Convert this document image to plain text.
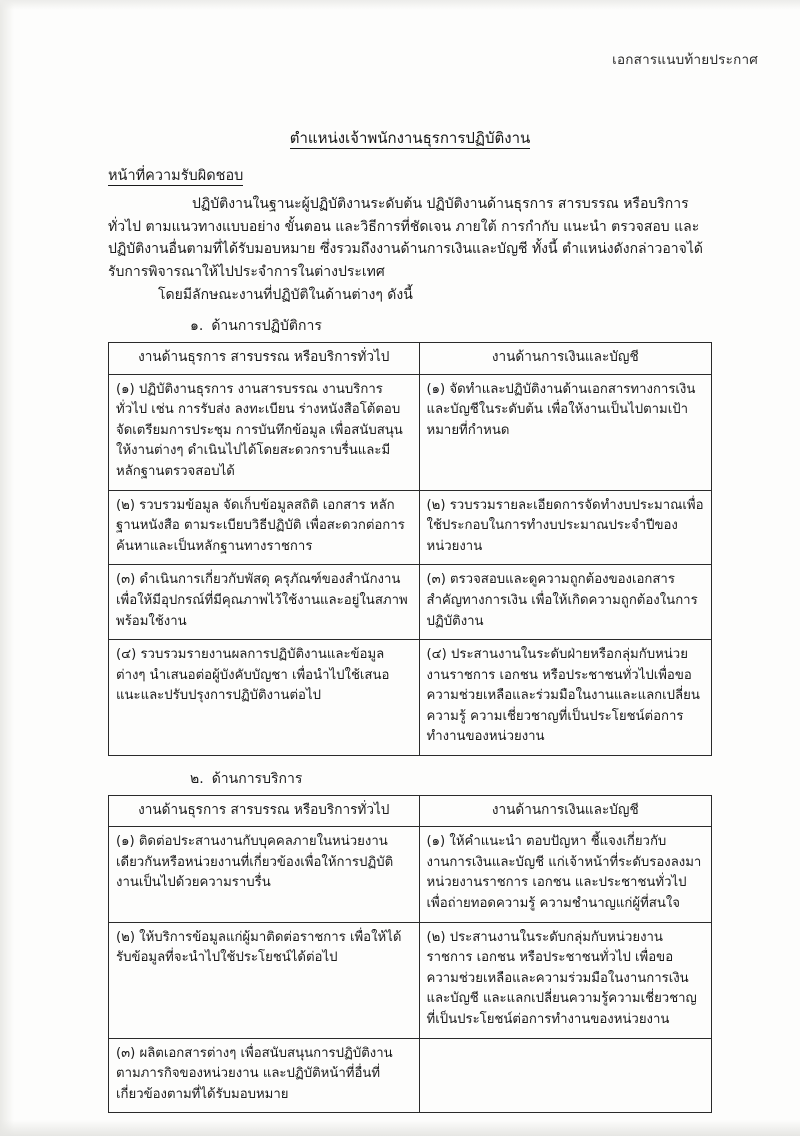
เอกสารแนบท้ายประกาศ
ตำแหน่งเจ้าพนักงานธุรการปฏิบัติงาน
หน้าที่ความรับผิดชอบ

ปฏิบัติงานในฐานะผู้ปฏิบัติงานระดับต้น ปฏิบัติงานด้านธุรการ สารบรรณ หรือบริการทั่วไป ตามแนวทางแบบอย่าง ขั้นตอน และวิธีการที่ชัดเจน ภายใต้ การกำกับ แนะนำ ตรวจสอบ และปฏิบัติงานอื่นตามที่ได้รับมอบหมาย ซึ่งรวมถึงงานด้านการเงินและบัญชี ทั้งนี้ ตำแหน่งดังกล่าวอาจได้รับการพิจารณาให้ไปประจำการในต่างประเทศ

โดยมีลักษณะงานที่ปฏิบัติในด้านต่างๆ ดังนี้

๑. ด้านการปฏิบัติการ
งานด้านธุรการ สารบรรณ หรือบริการทั่วไป	งานด้านการเงินและบัญชี
(๑) ปฏิบัติงานธุรการ งานสารบรรณ งานบริการทั่วไป เช่น การรับส่ง ลงทะเบียน ร่างหนังสือโต้ตอบ จัดเตรียมการประชุม การบันทึกข้อมูล เพื่อสนับสนุนให้งานต่างๆ ดำเนินไปได้โดยสะดวกราบรื่นและมีหลักฐานตรวจสอบได้	(๑) จัดทำและปฏิบัติงานด้านเอกสารทางการเงินและบัญชีในระดับต้น เพื่อให้งานเป็นไปตามเป้าหมายที่กำหนด
(๒) รวบรวมข้อมูล จัดเก็บข้อมูลสถิติ เอกสาร หลักฐานหนังสือ ตามระเบียบวิธีปฏิบัติ เพื่อสะดวกต่อการค้นหาและเป็นหลักฐานทางราชการ	(๒) รวบรวมรายละเอียดการจัดทำงบประมาณเพื่อใช้ประกอบในการทำงบประมาณประจำปีของหน่วยงาน
(๓) ดำเนินการเกี่ยวกับพัสดุ ครุภัณฑ์ของสำนักงานเพื่อให้มีอุปกรณ์ที่มีคุณภาพไว้ใช้งานและอยู่ในสภาพพร้อมใช้งาน	(๓) ตรวจสอบและดูความถูกต้องของเอกสารสำคัญทางการเงิน เพื่อให้เกิดความถูกต้องในการปฏิบัติงาน
(๔) รวบรวมรายงานผลการปฏิบัติงานและข้อมูลต่างๆ นำเสนอต่อผู้บังคับบัญชา เพื่อนำไปใช้เสนอแนะและปรับปรุงการปฏิบัติงานต่อไป	(๔) ประสานงานในระดับฝ่ายหรือกลุ่มกับหน่วยงานราชการ เอกชน หรือประชาชนทั่วไปเพื่อขอความช่วยเหลือและร่วมมือในงานและแลกเปลี่ยนความรู้ ความเชี่ยวชาญที่เป็นประโยชน์ต่อการทำงานของหน่วยงาน
๒. ด้านการบริการ
งานด้านธุรการ สารบรรณ หรือบริการทั่วไป	งานด้านการเงินและบัญชี
(๑) ติดต่อประสานงานกับบุคคลภายในหน่วยงานเดียวกันหรือหน่วยงานที่เกี่ยวข้องเพื่อให้การปฏิบัติงานเป็นไปด้วยความราบรื่น	(๑) ให้คำแนะนำ ตอบปัญหา ชี้แจงเกี่ยวกับงานการเงินและบัญชี แก่เจ้าหน้าที่ระดับรองลงมา หน่วยงานราชการ เอกชน และประชาชนทั่วไป เพื่อถ่ายทอดความรู้ ความชำนาญแก่ผู้ที่สนใจ
(๒) ให้บริการข้อมูลแก่ผู้มาติดต่อราชการ เพื่อให้ได้รับข้อมูลที่จะนำไปใช้ประโยชน์ได้ต่อไป	(๒) ประสานงานในระดับกลุ่มกับหน่วยงานราชการ เอกชน หรือประชาชนทั่วไป เพื่อขอความช่วยเหลือและความร่วมมือในงานการเงินและบัญชี และแลกเปลี่ยนความรู้ความเชี่ยวชาญที่เป็นประโยชน์ต่อการทำงานของหน่วยงาน
(๓) ผลิตเอกสารต่างๆ เพื่อสนับสนุนการปฏิบัติงานตามภารกิจของหน่วยงาน และปฏิบัติหน้าที่อื่นที่เกี่ยวข้องตามที่ได้รับมอบหมาย	
